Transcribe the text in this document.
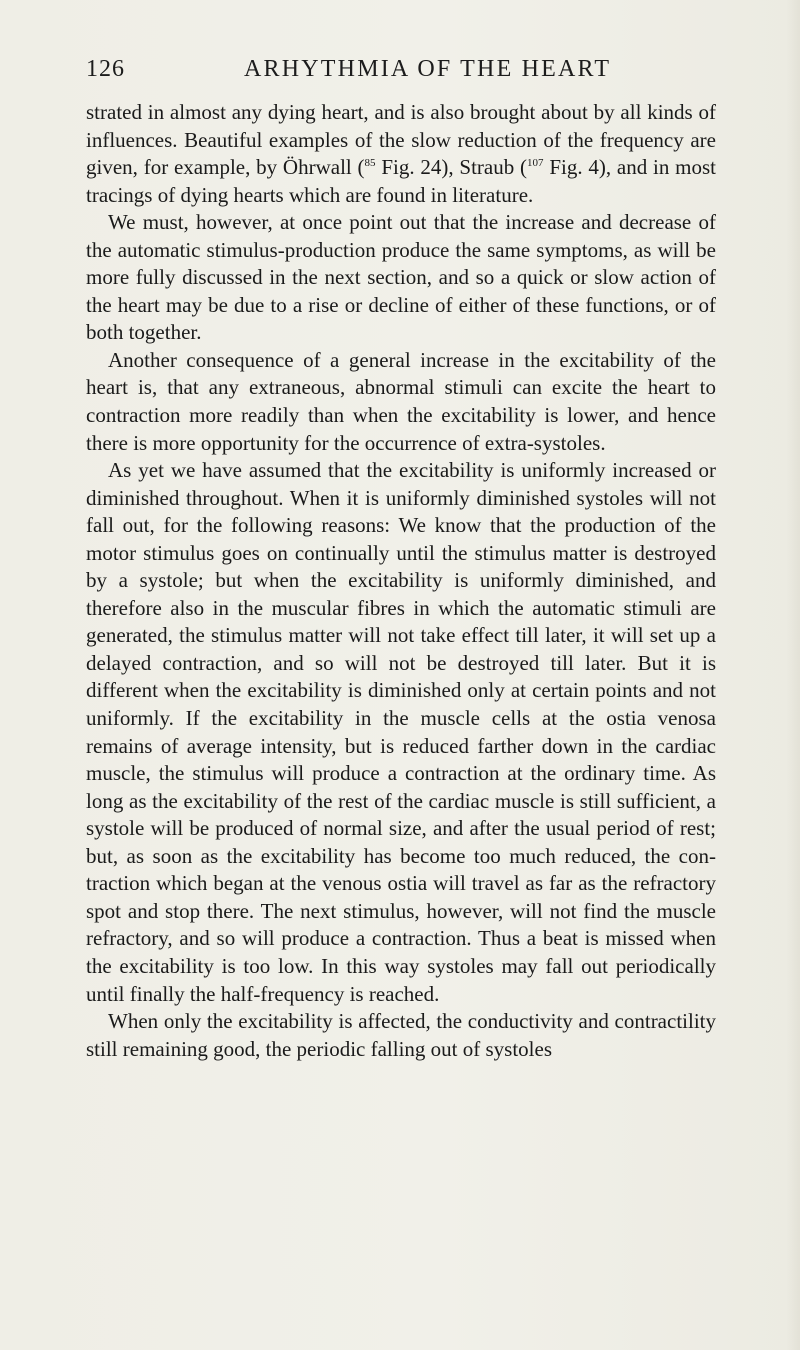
126	ARHYTHMIA OF THE HEART

strated in almost any dying heart, and is also brought about by all kinds of influences. Beautiful examples of the slow reduction of the frequency are given, for example, by Öhrwall ($^{85}$ Fig. 24), Straub ($^{107}$ Fig. 4), and in most tracings of dying hearts which are found in literature.

We must, however, at once point out that the increase and decrease of the automatic stimulus-production produce the same symptoms, as will be more fully discussed in the next section, and so a quick or slow action of the heart may be due to a rise or decline of either of these functions, or of both together.

Another consequence of a general increase in the excitability of the heart is, that any extraneous, abnormal stimuli can excite the heart to contraction more readily than when the excitability is lower, and hence there is more opportunity for the occurrence of extra-systoles.

As yet we have assumed that the excitability is uniformly increased or diminished throughout. When it is uniformly diminished systoles will not fall out, for the following reasons: We know that the production of the motor stimulus goes on continually until the stimulus matter is destroyed by a systole; but when the excitability is uniformly diminished, and therefore also in the muscular fibres in which the automatic stimuli are generated, the stimulus matter will not take effect till later, it will set up a delayed contraction, and so will not be destroyed till later. But it is different when the excitability is diminished only at certain points and not uniformly. If the excitability in the muscle cells at the ostia venosa remains of average intensity, but is reduced farther down in the cardiac muscle, the stimulus will produce a contraction at the ordinary time. As long as the excitability of the rest of the cardiac muscle is still sufficient, a systole will be produced of normal size, and after the usual period of rest; but, as soon as the excitability has become too much reduced, the contraction which began at the venous ostia will travel as far as the refractory spot and stop there. The next stimulus, however, will not find the muscle refractory, and so will produce a contraction. Thus a beat is missed when the excitability is too low. In this way systoles may fall out periodically until finally the half-frequency is reached.

When only the excitability is affected, the conductivity and contractility still remaining good, the periodic falling out of systoles
